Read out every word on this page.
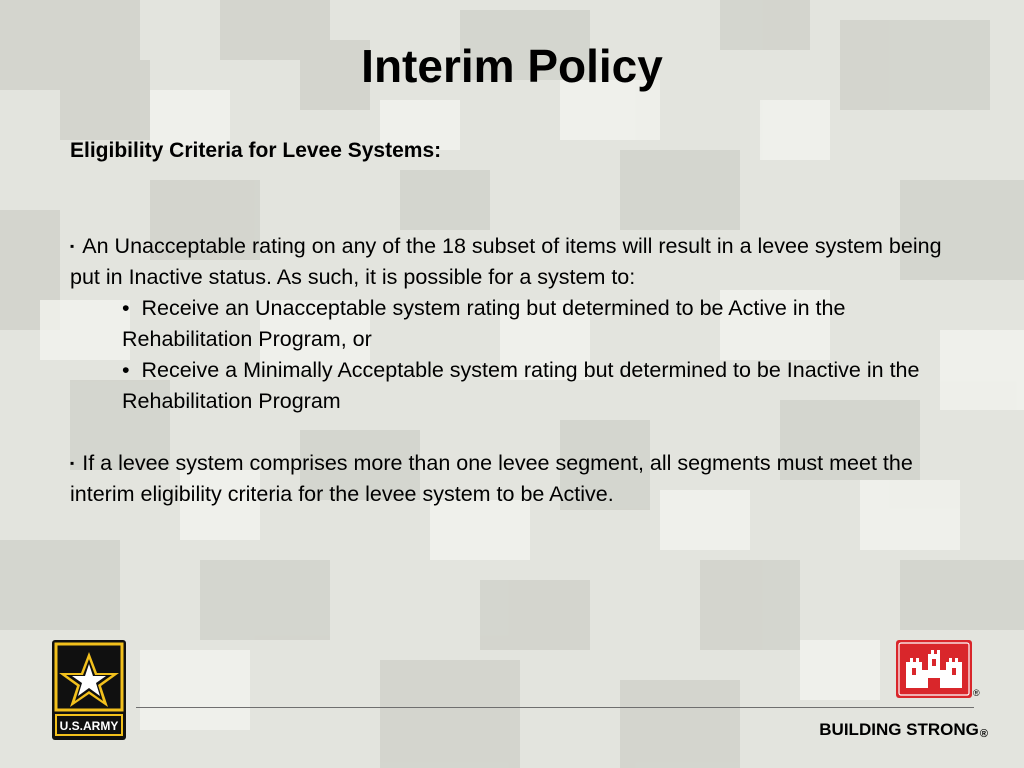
Interim Policy
Eligibility Criteria for Levee Systems:

▪ An Unacceptable rating on any of the 18 subset of items will result in a levee system being put in Inactive status. As such, it is possible for a system to:

• Receive an Unacceptable system rating but determined to be Active in the Rehabilitation Program, or

• Receive a Minimally Acceptable system rating but determined to be Inactive in the Rehabilitation Program

▪ If a levee system comprises more than one levee segment, all segments must meet the interim eligibility criteria for the levee system to be Active.

U.S.ARMY
®
BUILDING STRONG®
